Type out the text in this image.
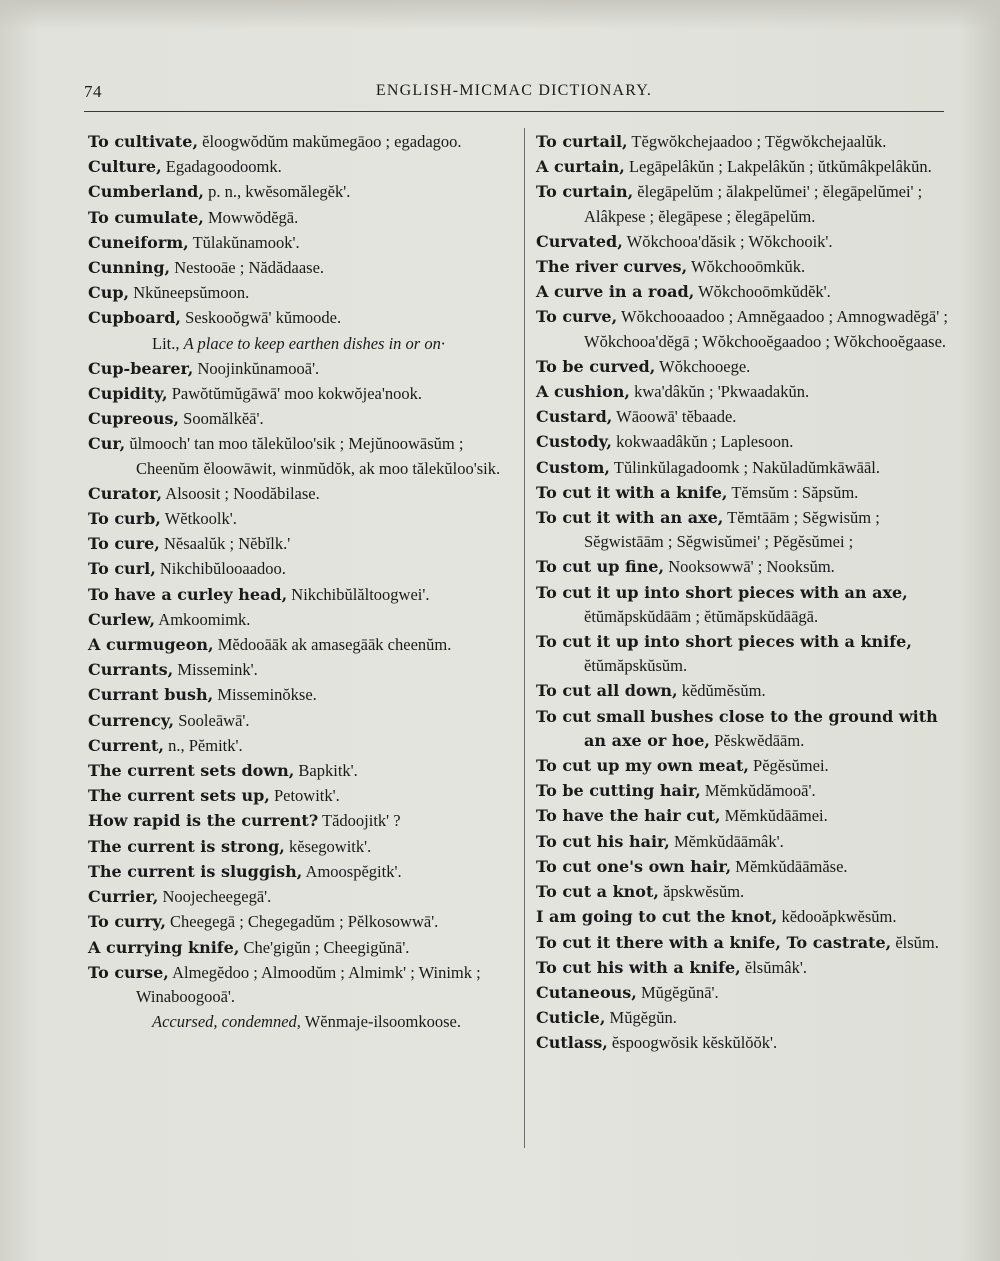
74	ENGLISH-MICMAC DICTIONARY.
To cultivate, ĕloogwŏdŭm makŭmegāoo ; egadagoo.
Culture, Egadagoodoomk.
Cumberland, p. n., kwĕsomălegĕk'.
To cumulate, Mowwŏdĕgā.
Cuneiform, Tŭlakŭnamook'.
Cunning, Nestooāe ; Nădădaase.
Cup, Nkŭneepsŭmoon.
Cupboard, Seskooŏgwā' kŭmoode.
Lit., A place to keep earthen dishes in or on·
Cup-bearer, Noojinkŭnamooā'.
Cupidity, Pawŏtŭmŭgāwā' moo kokwŏjea'nook.
Cupreous, Soomălkĕā'.
Cur, ŭlmooch' tan moo tălekŭloo'sik ; Mejŭnoowāsŭm ; Cheenŭm ĕloowāwit, winmŭdŏk, ak moo tălekŭloo'sik.
Curator, Alsoosit ; Noodăbilase.
To curb, Wĕtkoolk'.
To cure, Nĕsaalŭk ; Nĕbĭlk.'
To curl, Nikchibŭlooaadoo.
To have a curley head, Nikchibŭlăltoogwei'.
Curlew, Amkoomimk.
A curmugeon, Mĕdooāāk ak amasegāāk cheenŭm.
Currants, Missemink'.
Currant bush, Misseminŏkse.
Currency, Sooleāwā'.
Current, n., Pĕmitk'.
The current sets down, Bapkitk'.
The current sets up, Petowitk'.
How rapid is the current? Tădoojitk' ?
The current is strong, kĕsegowitk'.
The current is sluggish, Amoospĕgitk'.
Currier, Noojecheegegā'.
To curry, Cheegegā ; Chegegadŭm ; Pĕlkosowwā'.
A currying knife, Che'gigŭn ; Cheegigŭnā'.
To curse, Almegĕdoo ; Almoodŭm ; Almimk' ; Winimk ; Winaboogooā'.
Accursed, condemned, Wĕnmaje-ilsoomkoose.
To curtail, Tĕgwŏkchejaadoo ; Tĕgwŏkchejaalŭk.
A curtain, Legāpelâkŭn ; Lakpelâkŭn ; ŭtkŭmâkpelâkŭn.
To curtain, ĕlegāpelŭm ; ălakpelŭmei' ; ĕlegāpelŭmei' ; Alâkpese ; ĕlegāpese ; ĕlegāpelŭm.
Curvated, Wŏkchooa'dăsik ; Wŏkchooik'.
The river curves, Wŏkchooōmkŭk.
A curve in a road, Wŏkchooōmkŭdĕk'.
To curve, Wŏkchooaadoo ; Amnĕgaadoo ; Amnogwadĕgā' ; Wŏkchooa'dĕgā ; Wŏkchooĕgaadoo ; Wŏkchooĕgaase.
To be curved, Wŏkchooege.
A cushion, kwa'dâkŭn ; 'Pkwaadakŭn.
Custard, Wāoowā' tĕbaade.
Custody, kokwaadâkŭn ; Laplesoon.
Custom, Tŭlinkŭlagadoomk ; Nakŭladŭmkāwāāl.
To cut it with a knife, Tĕmsŭm : Săpsŭm.
To cut it with an axe, Tĕmtāām ; Sĕgwisŭm ; Sĕgwistāām ; Sĕgwisŭmei' ; Pĕgĕsŭmei ;
To cut up fine, Nooksowwā' ; Nooksŭm.
To cut it up into short pieces with an axe, ĕtŭmăpskŭdāām ; ĕtŭmăpskŭdāāgā.
To cut it up into short pieces with a knife, ĕtŭmăpskŭsŭm.
To cut all down, kĕdŭmĕsŭm.
To cut small bushes close to the ground with an axe or hoe, Pĕskwĕdāām.
To cut up my own meat, Pĕgĕsŭmei.
To be cutting hair, Mĕmkŭdămooā'.
To have the hair cut, Mĕmkŭdāāmei.
To cut his hair, Mĕmkŭdāāmâk'.
To cut one's own hair, Mĕmkŭdāāmăse.
To cut a knot, ăpskwĕsŭm.
I am going to cut the knot, kĕdooăpkwĕsŭm.
To cut it there with a knife, To castrate, ĕlsŭm.
To cut his with a knife, ĕlsŭmâk'.
Cutaneous, Mŭgĕgŭnā'.
Cuticle, Mŭgĕgŭn.
Cutlass, ĕspoogwŏsik kĕskŭlŏŏk'.
